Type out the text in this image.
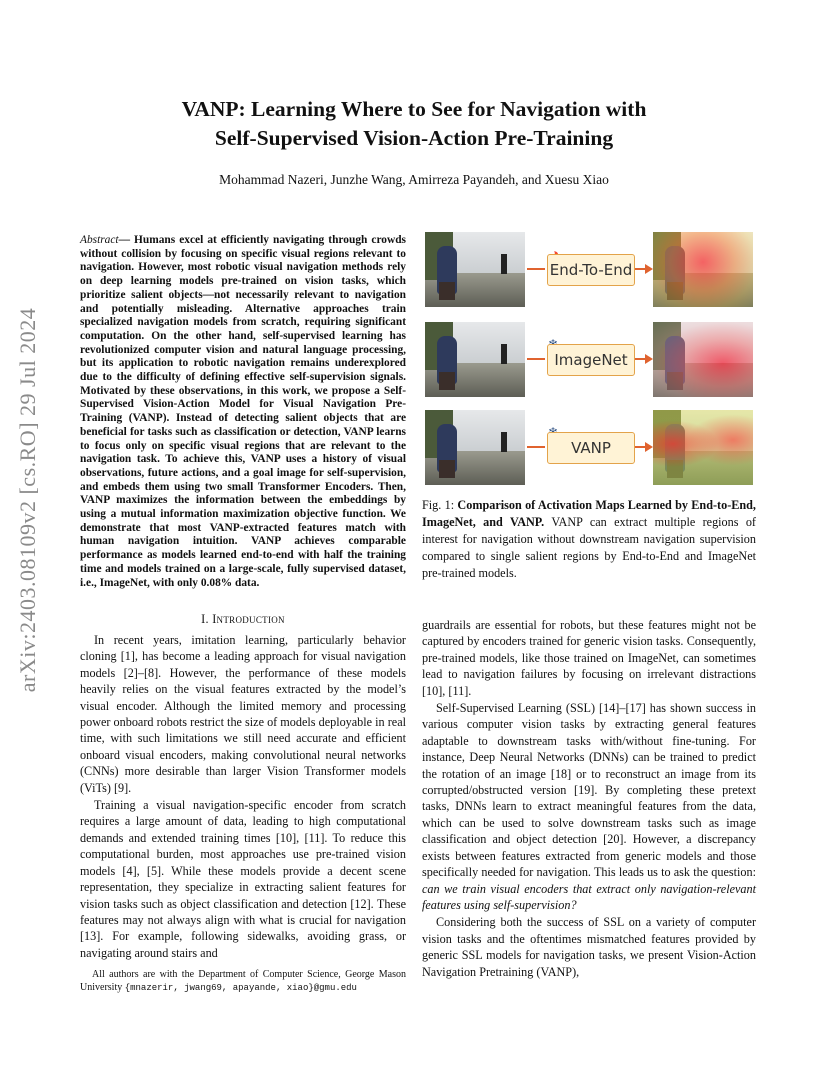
arXiv:2403.08109v2 [cs.RO] 29 Jul 2024
VANP: Learning Where to See for Navigation with
Self-Supervised Vision-Action Pre-Training
Mohammad Nazeri, Junzhe Wang, Amirreza Payandeh, and Xuesu Xiao
Abstract— Humans excel at efficiently navigating through crowds without collision by focusing on specific visual regions relevant to navigation. However, most robotic visual navigation methods rely on deep learning models pre-trained on vision tasks, which prioritize salient objects—not necessarily relevant to navigation and potentially misleading. Alternative approaches train specialized navigation models from scratch, requiring significant computation. On the other hand, self-supervised learning has revolutionized computer vision and natural language processing, but its application to robotic navigation remains underexplored due to the difficulty of defining effective self-supervision signals. Motivated by these observations, in this work, we propose a Self-Supervised Vision-Action Model for Visual Navigation Pre-Training (VANP). Instead of detecting salient objects that are beneficial for tasks such as classification or detection, VANP learns to focus only on specific visual regions that are relevant to the navigation task. To achieve this, VANP uses a history of visual observations, future actions, and a goal image for self-supervision, and embeds them using two small Transformer Encoders. Then, VANP maximizes the information between the embeddings by using a mutual information maximization objective function. We demonstrate that most VANP-extracted features match with human navigation intuition. VANP achieves comparable performance as models learned end-to-end with half the training time and models trained on a large-scale, fully supervised dataset, i.e., ImageNet, with only 0.08% data.
I. Introduction

In recent years, imitation learning, particularly behavior cloning [1], has become a leading approach for visual navigation models [2]–[8]. However, the performance of these models heavily relies on the visual features extracted by the model’s visual encoder. Although the limited memory and processing power onboard robots restrict the size of models deployable in real time, with such limitations we still need accurate and efficient onboard visual encoders, making convolutional neural networks (CNNs) more desirable than larger Vision Transformer models (ViTs) [9].

Training a visual navigation-specific encoder from scratch requires a large amount of data, leading to high computational demands and extended training times [10], [11]. To reduce this computational burden, most approaches use pre-trained vision models [4], [5]. While these models provide a decent scene representation, they specialize in extracting salient features for vision tasks such as object classification and detection [12]. These features may not always align with what is crucial for navigation [13]. For example, following sidewalks, avoiding grass, or navigating around stairs and

All authors are with the Department of Computer Science, George Mason University {mnazerir, jwang69, apayande, xiao}@gmu.edu
End-To-End
ImageNet
VANP
Fig. 1: Comparison of Activation Maps Learned by End-to-End, ImageNet, and VANP. VANP can extract multiple regions of interest for navigation without downstream navigation supervision compared to single salient regions by End-to-End and ImageNet pre-trained models.

guardrails are essential for robots, but these features might not be captured by encoders trained for generic vision tasks. Consequently, pre-trained models, like those trained on ImageNet, can sometimes lead to navigation failures by focusing on irrelevant distractions [10], [11].

Self-Supervised Learning (SSL) [14]–[17] has shown success in various computer vision tasks by extracting general features adaptable to downstream tasks with/without fine-tuning. For instance, Deep Neural Networks (DNNs) can be trained to predict the rotation of an image [18] or to reconstruct an image from its corrupted/obstructed version [19]. By completing these pretext tasks, DNNs learn to extract meaningful features from the data, which can be used to solve downstream tasks such as image classification and object detection [20]. However, a discrepancy exists between features extracted from generic models and those specifically needed for navigation. This leads us to ask the question: can we train visual encoders that extract only navigation-relevant features using self-supervision?

Considering both the success of SSL on a variety of computer vision tasks and the oftentimes mismatched features provided by generic SSL models for navigation tasks, we present Vision-Action Navigation Pretraining (VANP),
